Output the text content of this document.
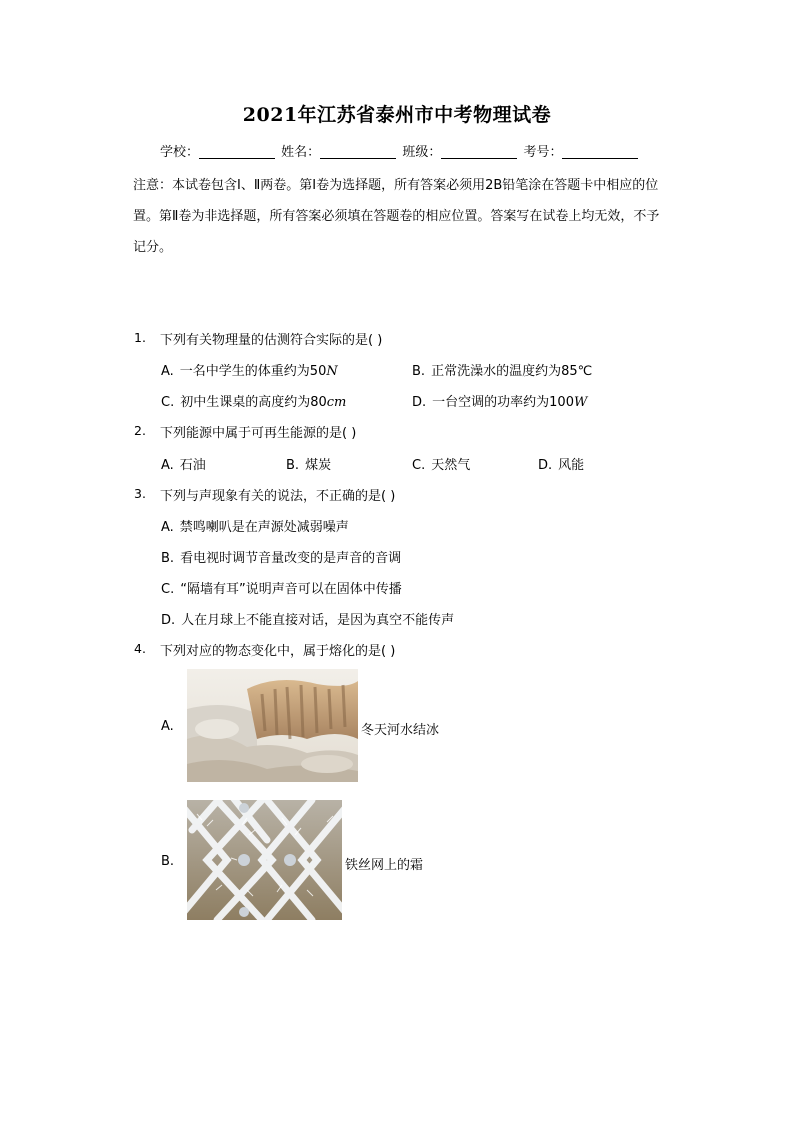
2021年江苏省泰州市中考物理试卷
学校：	姓名：	班级：	考号：
注意：本试卷包含Ⅰ、Ⅱ两卷。第Ⅰ卷为选择题，所有答案必须用2B铅笔涂在答题卡中相应的位置。第Ⅱ卷为非选择题，所有答案必须填在答题卷的相应位置。答案写在试卷上均无效，不予记分。
1. 下列有关物理量的估测符合实际的是( )
A. 一名中学生的体重约为50N	B. 正常洗澡水的温度约为85℃
C. 初中生课桌的高度约为80cm	D. 一台空调的功率约为100W
2. 下列能源中属于可再生能源的是( )
A. 石油	B. 煤炭	C. 天然气	D. 风能
3. 下列与声现象有关的说法，不正确的是( )
A. 禁鸣喇叭是在声源处减弱噪声
B. 看电视时调节音量改变的是声音的音调
C. “隔墙有耳”说明声音可以在固体中传播
D. 人在月球上不能直接对话，是因为真空不能传声
4. 下列对应的物态变化中，属于熔化的是( )
A.	冬天河水结冰
B.	铁丝网上的霜
